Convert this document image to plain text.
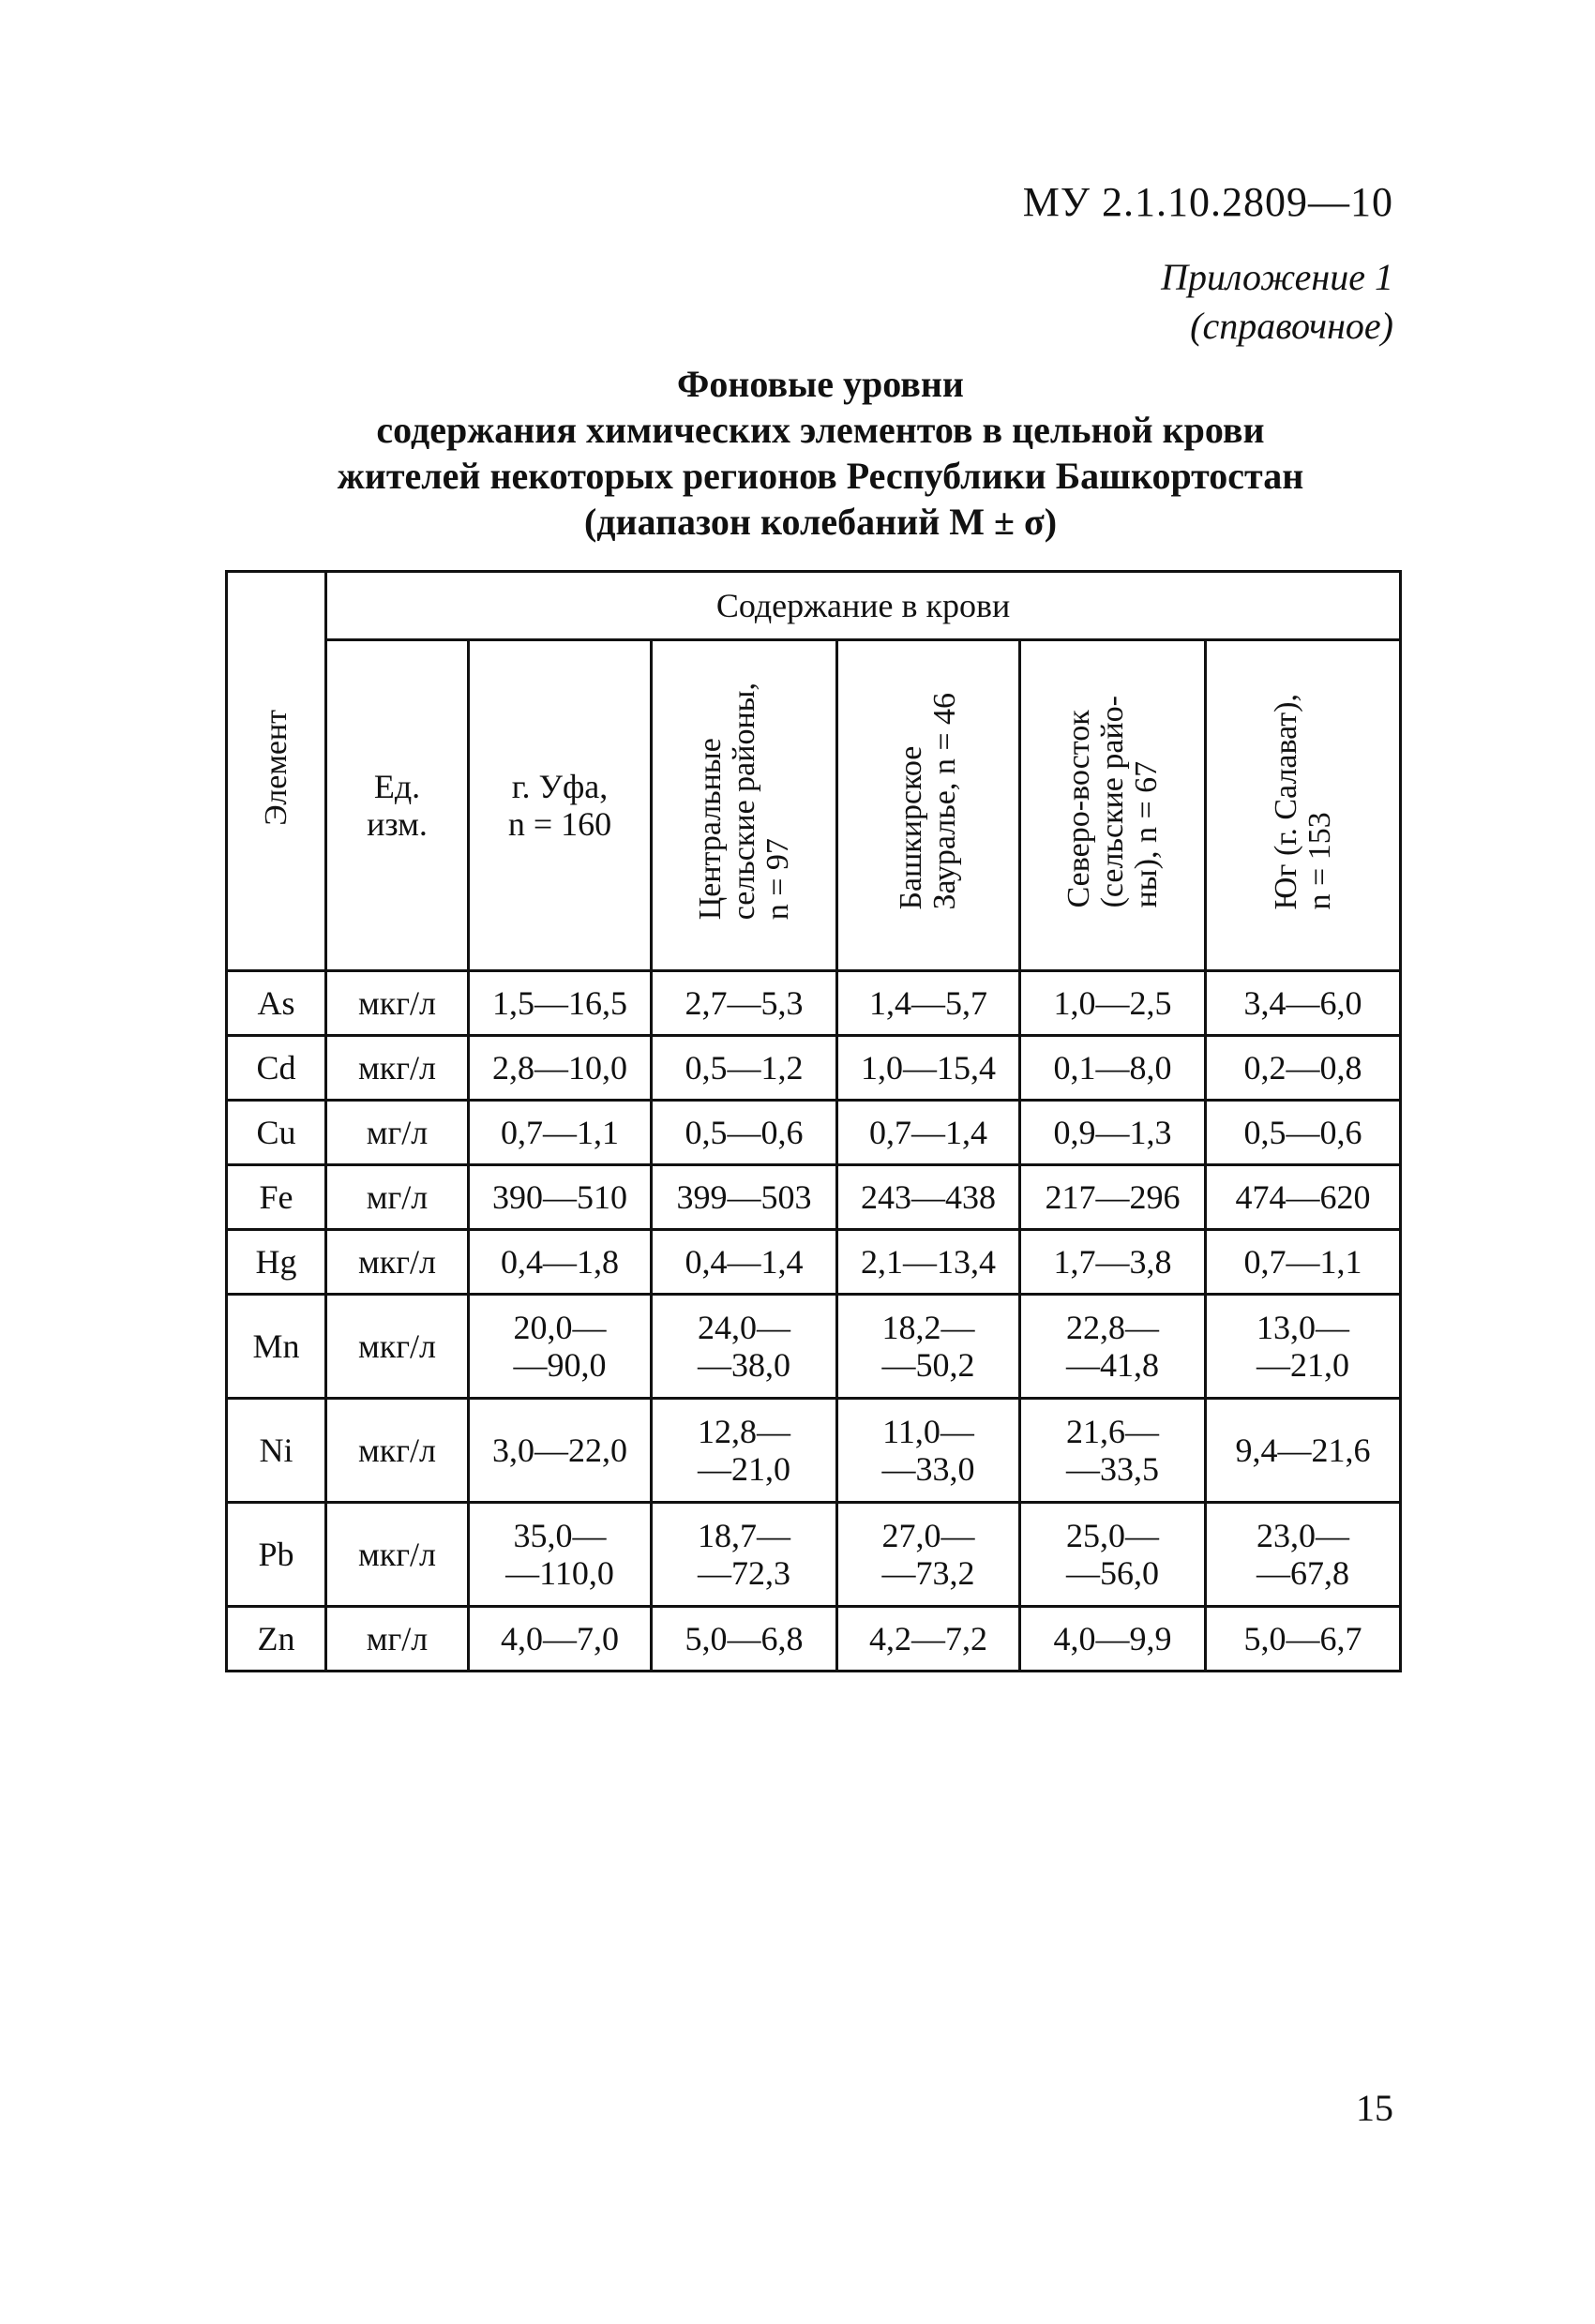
МУ 2.1.10.2809—10
Приложение 1
(справочное)
Фоновые уровни
содержания химических элементов в цельной крови
жителей некоторых регионов Республики Башкортостан
(диапазон колебаний М ± σ)
Элемент	Содержание в крови					

	Ед.
изм.	г. Уфа,
n = 160	Центральные сельские районы, n = 97	Башкирское Зауралье, n = 46	Северо-восток (сельские райо- ны), n = 67	Юг (г. Салават), n = 153

As	мкг/л	1,5—16,5	2,7—5,3	1,4—5,7	1,0—2,5	3,4—6,0

Cd	мкг/л	2,8—10,0	0,5—1,2	1,0—15,4	0,1—8,0	0,2—0,8

Cu	мг/л	0,7—1,1	0,5—0,6	0,7—1,4	0,9—1,3	0,5—0,6

Fe	мг/л	390—510	399—503	243—438	217—296	474—620

Hg	мкг/л	0,4—1,8	0,4—1,4	2,1—13,4	1,7—3,8	0,7—1,1

Mn	мкг/л	20,0—
—90,0	24,0—
—38,0	18,2—
—50,2	22,8—
—41,8	13,0—
—21,0

Ni	мкг/л	3,0—22,0	12,8—
—21,0	11,0—
—33,0	21,6—
—33,5	9,4—21,6

Pb	мкг/л	35,0—
—110,0	18,7—
—72,3	27,0—
—73,2	25,0—
—56,0	23,0—
—67,8

Zn	мг/л	4,0—7,0	5,0—6,8	4,2—7,2	4,0—9,9	5,0—6,7
15
